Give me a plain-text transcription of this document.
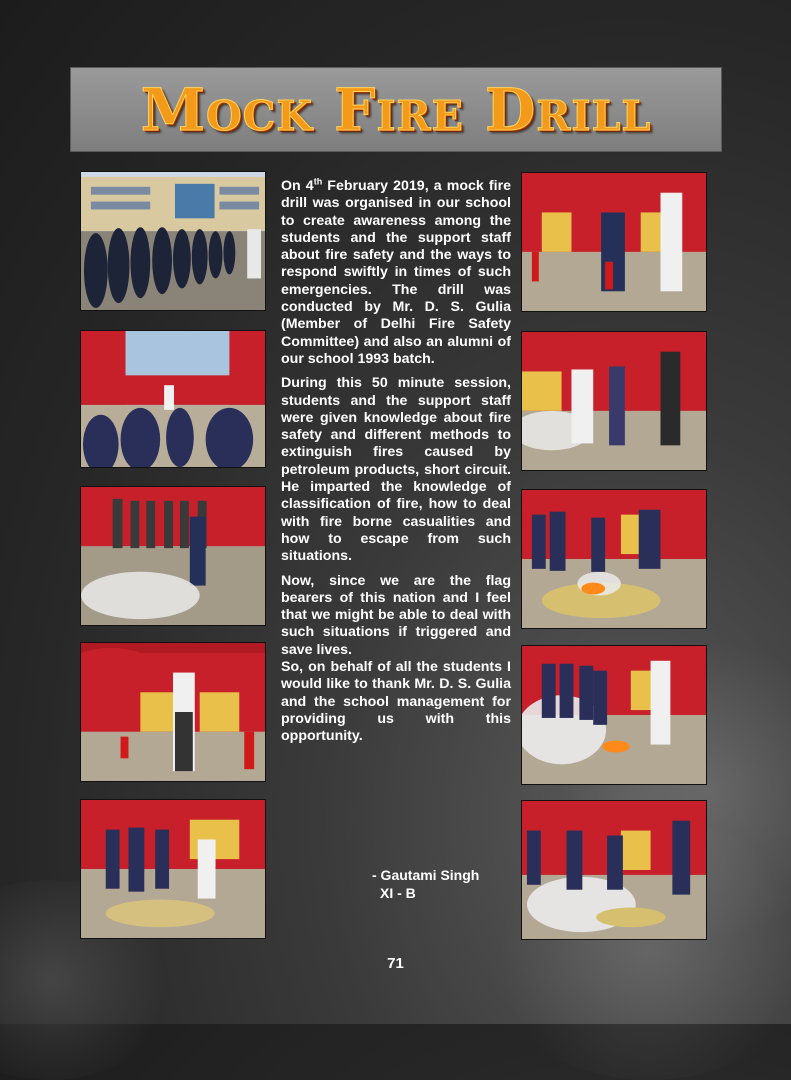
Mock Fire Drill

On 4th February 2019, a mock fire drill was organised in our school to create awareness among the students and the support staff about fire safety and the ways to respond swiftly in times of such emergencies. The drill was conducted by Mr. D. S. Gulia (Member of Delhi Fire Safety Committee) and also an alumni of our school 1993 batch.

During this 50 minute session, students and the support staff were given knowledge about fire safety and different methods to extinguish fires caused by petroleum products, short circuit. He imparted the knowledge of classification of fire, how to deal with fire borne casualities and how to escape from such situations.

Now, since we are the flag bearers of this nation and I feel that we might be able to deal with such situations if triggered and save lives.

So, on behalf of all the students I would like to thank Mr. D. S. Gulia and the school management for providing us with this opportunity.

- Gautami Singh
XI - B
71
